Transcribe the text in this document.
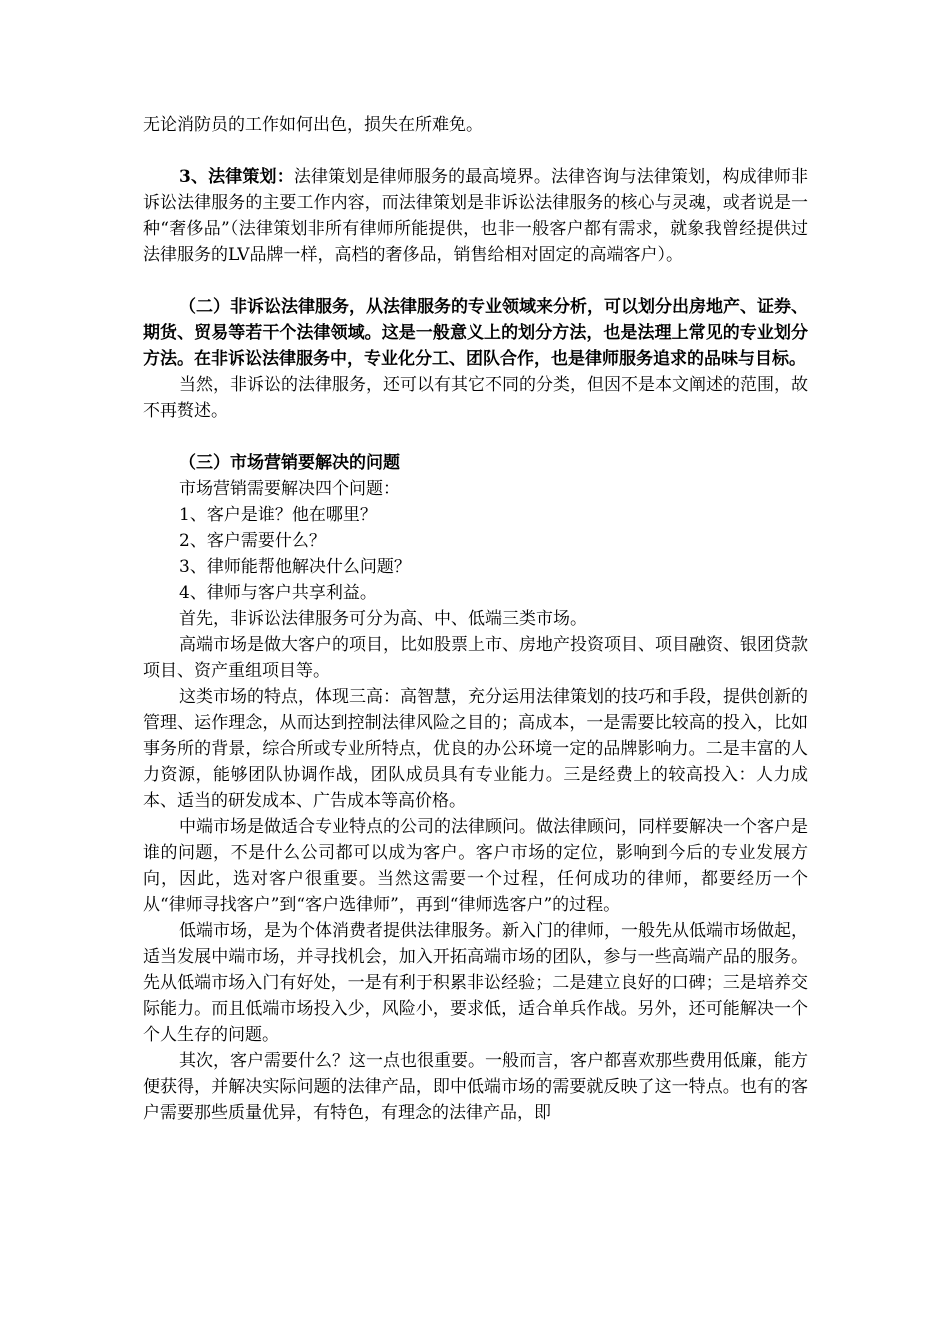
无论消防员的工作如何出色，损失在所难免。

3、法律策划：法律策划是律师服务的最高境界。法律咨询与法律策划，构成律师非诉讼法律服务的主要工作内容，而法律策划是非诉讼法律服务的核心与灵魂，或者说是一种“奢侈品”（法律策划非所有律师所能提供，也非一般客户都有需求，就象我曾经提供过法律服务的LV品牌一样，高档的奢侈品，销售给相对固定的高端客户）。

（二）非诉讼法律服务，从法律服务的专业领域来分析，可以划分出房地产、证券、期货、贸易等若干个法律领域。这是一般意义上的划分方法，也是法理上常见的专业划分方法。在非诉讼法律服务中，专业化分工、团队合作，也是律师服务追求的品味与目标。

当然，非诉讼的法律服务，还可以有其它不同的分类，但因不是本文阐述的范围，故不再赘述。

（三）市场营销要解决的问题

市场营销需要解决四个问题：

1、客户是谁？他在哪里？

2、客户需要什么？

3、律师能帮他解决什么问题？

4、律师与客户共享利益。

首先，非诉讼法律服务可分为高、中、低端三类市场。

高端市场是做大客户的项目，比如股票上市、房地产投资项目、项目融资、银团贷款项目、资产重组项目等。

这类市场的特点，体现三高：高智慧，充分运用法律策划的技巧和手段，提供创新的管理、运作理念，从而达到控制法律风险之目的；高成本，一是需要比较高的投入，比如事务所的背景，综合所或专业所特点，优良的办公环境一定的品牌影响力。二是丰富的人力资源，能够团队协调作战，团队成员具有专业能力。三是经费上的较高投入：人力成本、适当的研发成本、广告成本等高价格。

中端市场是做适合专业特点的公司的法律顾问。做法律顾问，同样要解决一个客户是谁的问题，不是什么公司都可以成为客户。客户市场的定位，影响到今后的专业发展方向，因此，选对客户很重要。当然这需要一个过程，任何成功的律师，都要经历一个从“律师寻找客户”到“客户选律师”，再到“律师选客户”的过程。

低端市场，是为个体消费者提供法律服务。新入门的律师，一般先从低端市场做起，适当发展中端市场，并寻找机会，加入开拓高端市场的团队，参与一些高端产品的服务。先从低端市场入门有好处，一是有利于积累非讼经验；二是建立良好的口碑；三是培养交际能力。而且低端市场投入少，风险小，要求低，适合单兵作战。另外，还可能解决一个个人生存的问题。

其次，客户需要什么？这一点也很重要。一般而言，客户都喜欢那些费用低廉，能方便获得，并解决实际问题的法律产品，即中低端市场的需要就反映了这一特点。也有的客户需要那些质量优异，有特色，有理念的法律产品，即
